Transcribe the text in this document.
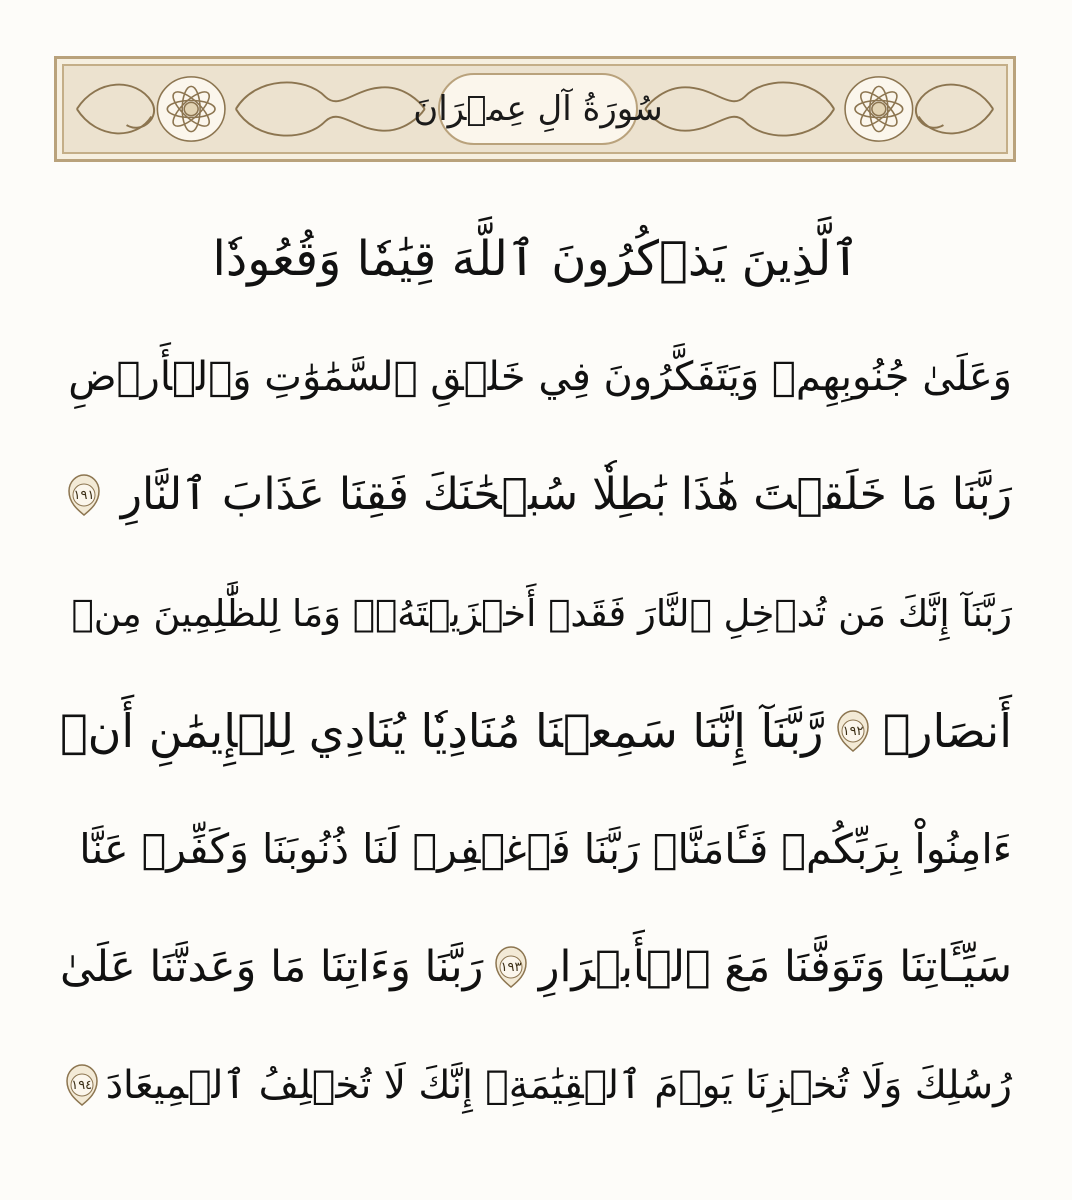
سُورَةُ آلِ عِمۡرَانَ
ٱلَّذِينَ يَذۡكُرُونَ ٱللَّهَ قِيَٰمٗا وَقُعُودٗا
وَعَلَىٰ جُنُوبِهِمۡ وَيَتَفَكَّرُونَ فِي خَلۡقِ ٱلسَّمَٰوَٰتِ وَٱلۡأَرۡضِ
رَبَّنَا مَا خَلَقۡتَ هَٰذَا بَٰطِلٗا سُبۡحَٰنَكَ فَقِنَا عَذَابَ ٱلنَّارِ
١٩١
رَبَّنَآ إِنَّكَ مَن تُدۡخِلِ ٱلنَّارَ فَقَدۡ أَخۡزَيۡتَهُۥۖ وَمَا لِلظَّٰلِمِينَ مِنۡ
أَنصَارٖ
١٩٢
رَّبَّنَآ إِنَّنَا سَمِعۡنَا مُنَادِيٗا يُنَادِي لِلۡإِيمَٰنِ أَنۡ
ءَامِنُواْ بِرَبِّكُمۡ فَـَٔامَنَّاۚ رَبَّنَا فَٱغۡفِرۡ لَنَا ذُنُوبَنَا وَكَفِّرۡ عَنَّا
سَيِّـَٔاتِنَا وَتَوَفَّنَا مَعَ ٱلۡأَبۡرَارِ
١٩٣
رَبَّنَا وَءَاتِنَا مَا وَعَدتَّنَا عَلَىٰ
رُسُلِكَ وَلَا تُخۡزِنَا يَوۡمَ ٱلۡقِيَٰمَةِۖ إِنَّكَ لَا تُخۡلِفُ ٱلۡمِيعَادَ
١٩٤
